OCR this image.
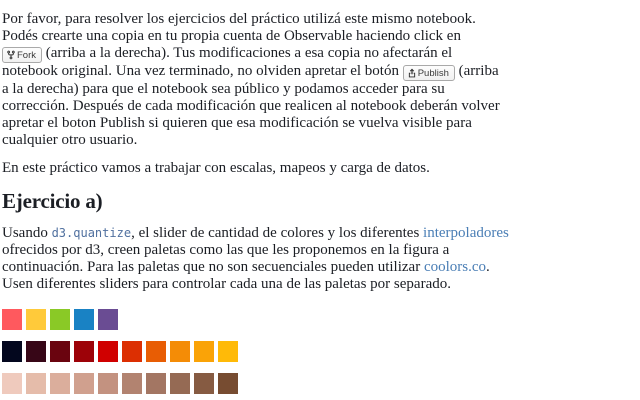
Por favor, para resolver los ejercicios del práctico utilizá este mismo notebook.
Podés crearte una copia en tu propia cuenta de Observable haciendo click en

Fork (arriba a la derecha). Tus modificaciones a esa copia no afectarán el
notebook original. Una vez terminado, no olviden apretar el botón Publish (arriba
a la derecha) para que el notebook sea público y podamos acceder para su
corrección. Después de cada modificación que realicen al notebook deberán volver
apretar el boton Publish si quieren que esa modificación se vuelva visible para
cualquier otro usuario.

En este práctico vamos a trabajar con escalas, mapeos y carga de datos.

Ejercicio a)

Usando d3.quantize, el slider de cantidad de colores y los diferentes interpoladores
ofrecidos por d3, creen paletas como las que les proponemos en la figura a
continuación. Para las paletas que no son secuenciales pueden utilizar coolors.co.
Usen diferentes sliders para controlar cada una de las paletas por separado.
